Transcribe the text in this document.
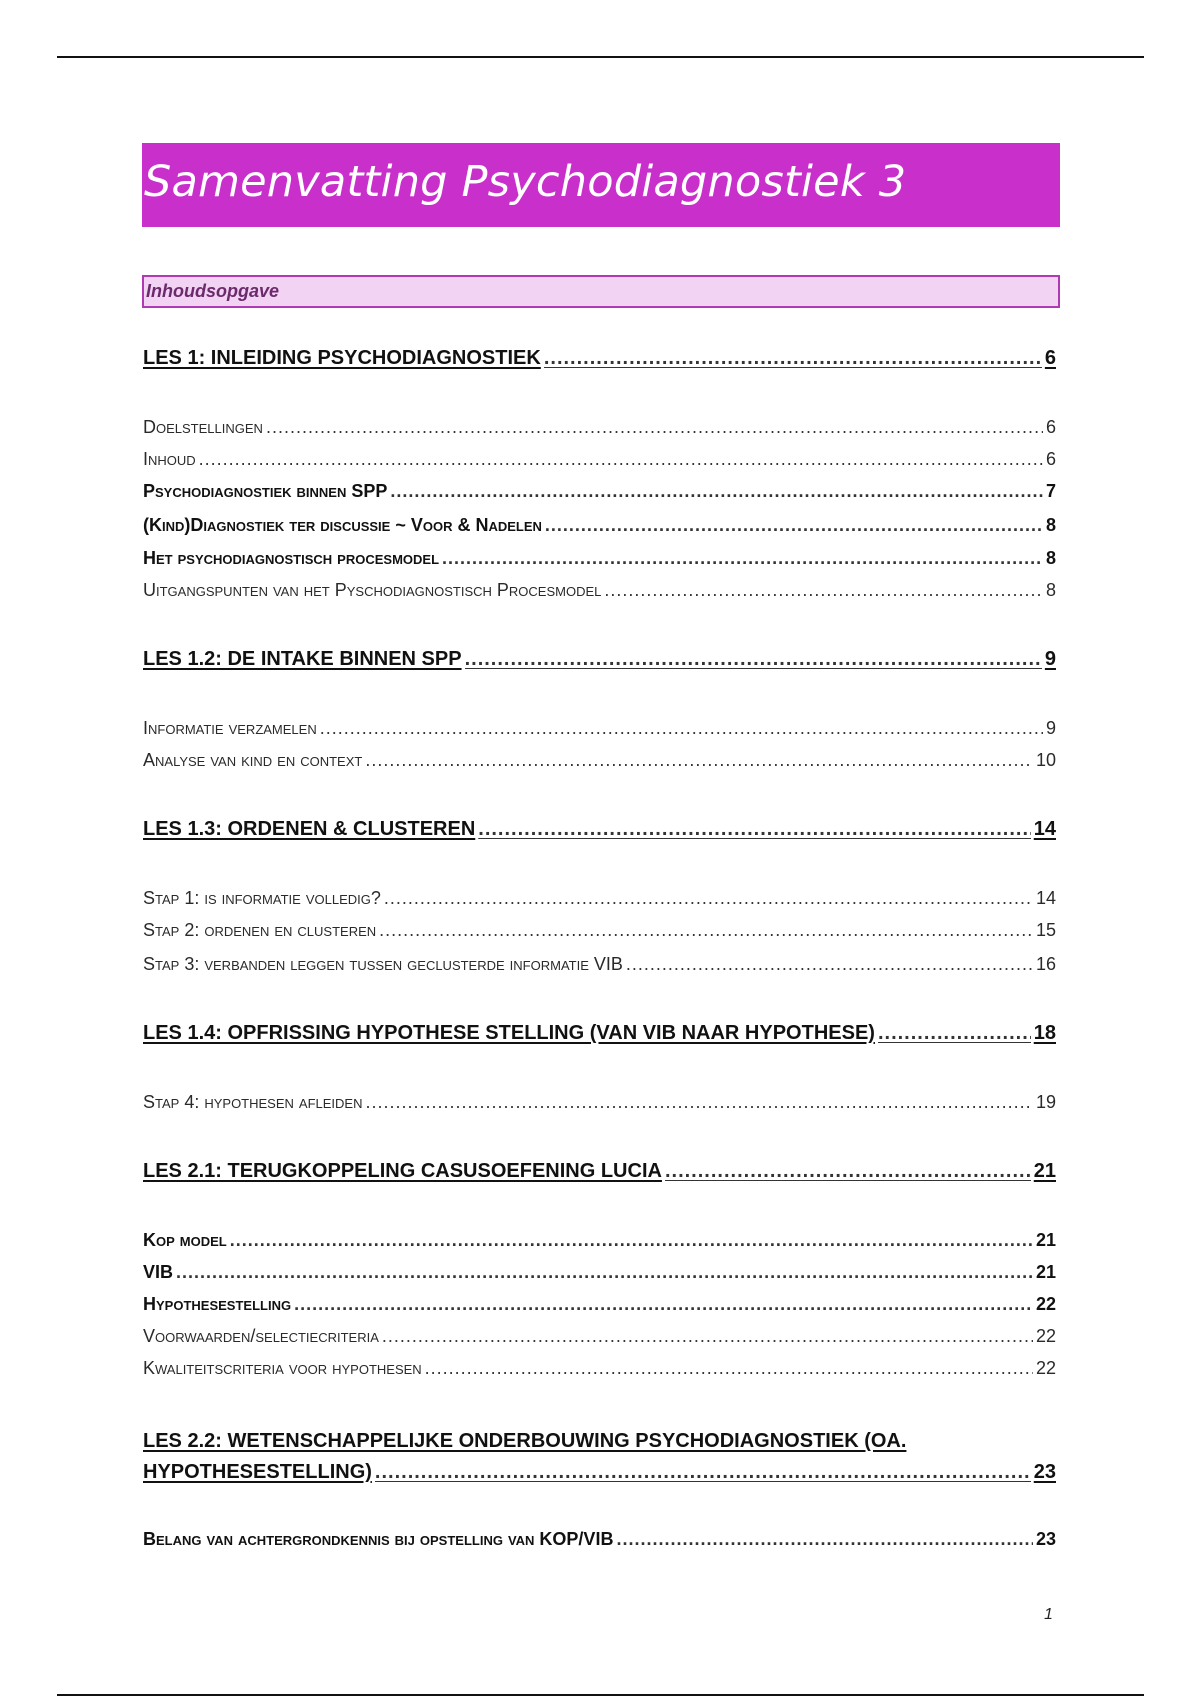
Samenvatting Psychodiagnostiek 3
Inhoudsopgave
LES 1: INLEIDING PSYCHODIAGNOSTIEK .....	6
Doelstellingen .....	6
Inhoud .....	6
Psychodiagnostiek binnen SPP .....	7
(Kind)Diagnostiek ter discussie ~ Voor & Nadelen .....	8
Het psychodiagnostisch procesmodel .....	8
Uitgangspunten van het Pyschodiagnostisch Procesmodel .....	8
LES 1.2: DE INTAKE BINNEN SPP .....	9
Informatie verzamelen .....	9
Analyse van kind en context .....	10
LES 1.3: ORDENEN & CLUSTEREN .....	14
Stap 1: is informatie volledig? .....	14
Stap 2: ordenen en clusteren .....	15
Stap 3: verbanden leggen tussen geclusterde informatie VIB .....	16
LES 1.4: OPFRISSING HYPOTHESE STELLING (VAN VIB NAAR HYPOTHESE) .....	18
Stap 4: hypothesen afleiden .....	19
LES 2.1: TERUGKOPPELING CASUSOEFENING LUCIA .....	21
Kop model .....	21
VIB .....	21
Hypothesestelling .....	22
Voorwaarden/selectiecriteria .....	22
Kwaliteitscriteria voor hypothesen .....	22
LES 2.2: WETENSCHAPPELIJKE ONDERBOUWING PSYCHODIAGNOSTIEK (OA.
HYPOTHESESTELLING) .....	23
Belang van achtergrondkennis bij opstelling van KOP/VIB .....	23
1
